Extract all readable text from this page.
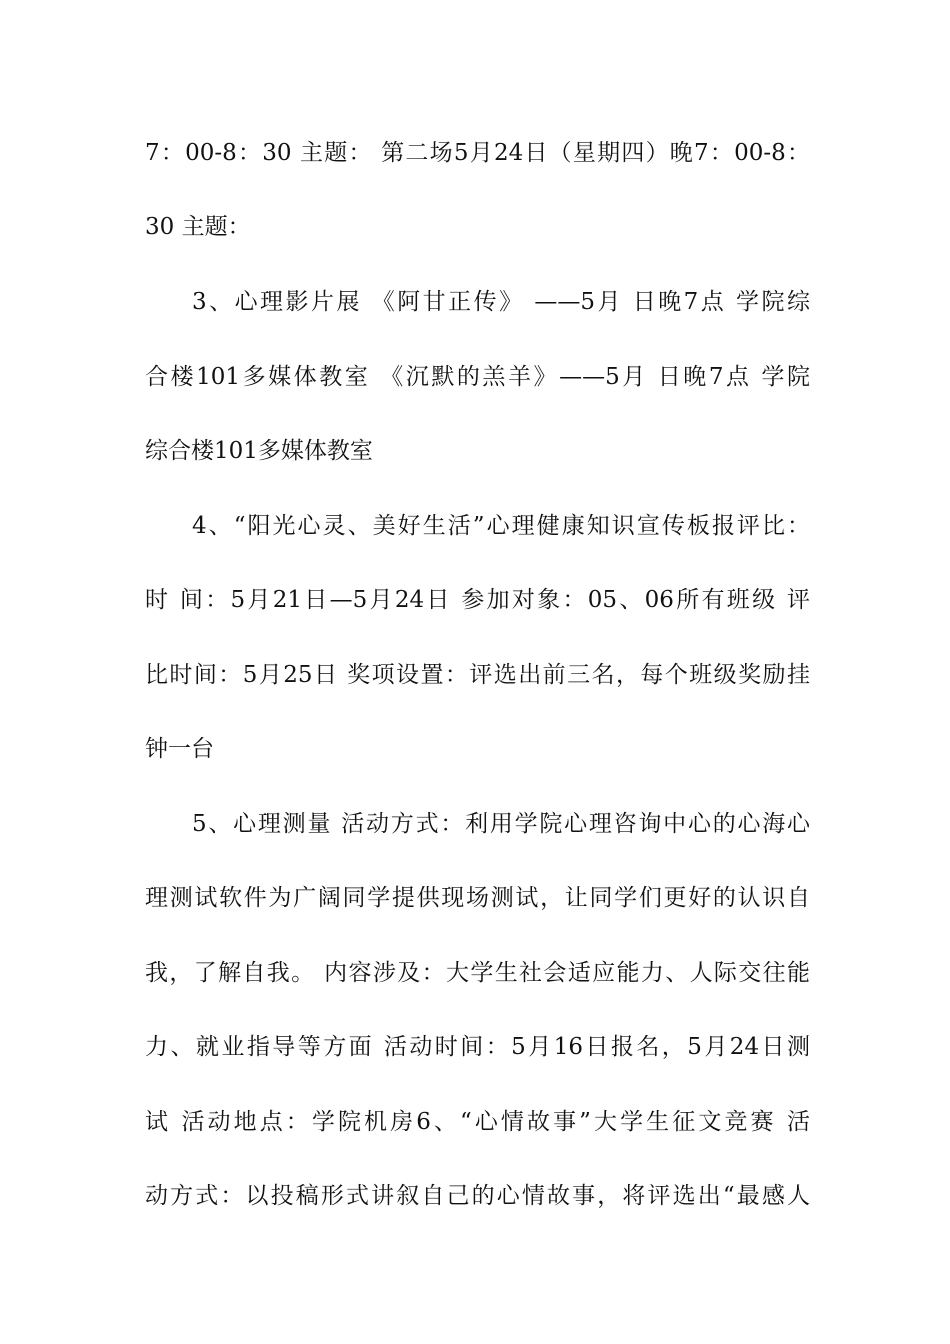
7：00-8：30 主题： 第二场5月24日（星期四）晚7：00-8：
30 主题：
3、心理影片展 《阿甘正传》 ——5月 日晚7点 学院综
合楼101多媒体教室 《沉默的羔羊》——5月 日晚7点 学院
综合楼101多媒体教室
4、“阳光心灵、美好生活”心理健康知识宣传板报评比：
时 间：5月21日—5月24日 参加对象：05、06所有班级 评
比时间：5月25日 奖项设置：评选出前三名，每个班级奖励挂
钟一台
5、心理测量 活动方式：利用学院心理咨询中心的心海心
理测试软件为广阔同学提供现场测试，让同学们更好的认识自
我，了解自我。 内容涉及：大学生社会适应能力、人际交往能
力、就业指导等方面 活动时间：5月16日报名，5月24日测
试 活动地点：学院机房6、“心情故事”大学生征文竞赛 活
动方式：以投稿形式讲叙自己的心情故事，将评选出“最感人
